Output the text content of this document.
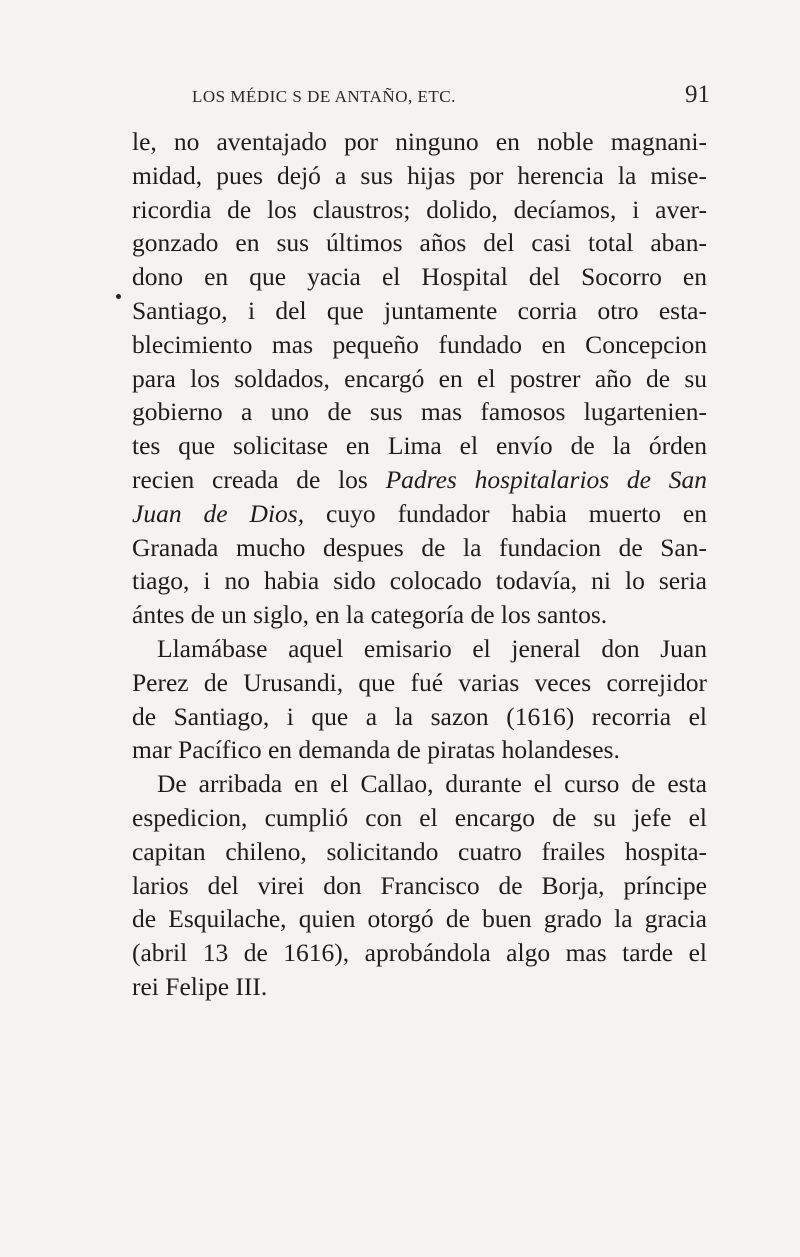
LOS MÉDIC S DE ANTAÑO, ETC.	91
le, no aventajado por ninguno en noble magnani-
midad, pues dejó a sus hijas por herencia la mise-
ricordia de los claustros; dolido, decíamos, i aver-
gonzado en sus últimos años del casi total aban-
dono en que yacia el Hospital del Socorro en
Santiago, i del que juntamente corria otro esta-
blecimiento mas pequeño fundado en Concepcion
para los soldados, encargó en el postrer año de su
gobierno a uno de sus mas famosos lugartenien-
tes que solicitase en Lima el envío de la órden
recien creada de los Padres hospitalarios de San
Juan de Dios, cuyo fundador habia muerto en
Granada mucho despues de la fundacion de San-
tiago, i no habia sido colocado todavía, ni lo seria
ántes de un siglo, en la categoría de los santos.
Llamábase aquel emisario el jeneral don Juan
Perez de Urusandi, que fué varias veces correjidor
de Santiago, i que a la sazon (1616) recorria el
mar Pacífico en demanda de piratas holandeses.
De arribada en el Callao, durante el curso de esta
espedicion, cumplió con el encargo de su jefe el
capitan chileno, solicitando cuatro frailes hospita-
larios del virei don Francisco de Borja, príncipe
de Esquilache, quien otorgó de buen grado la gracia
(abril 13 de 1616), aprobándola algo mas tarde el
rei Felipe III.
